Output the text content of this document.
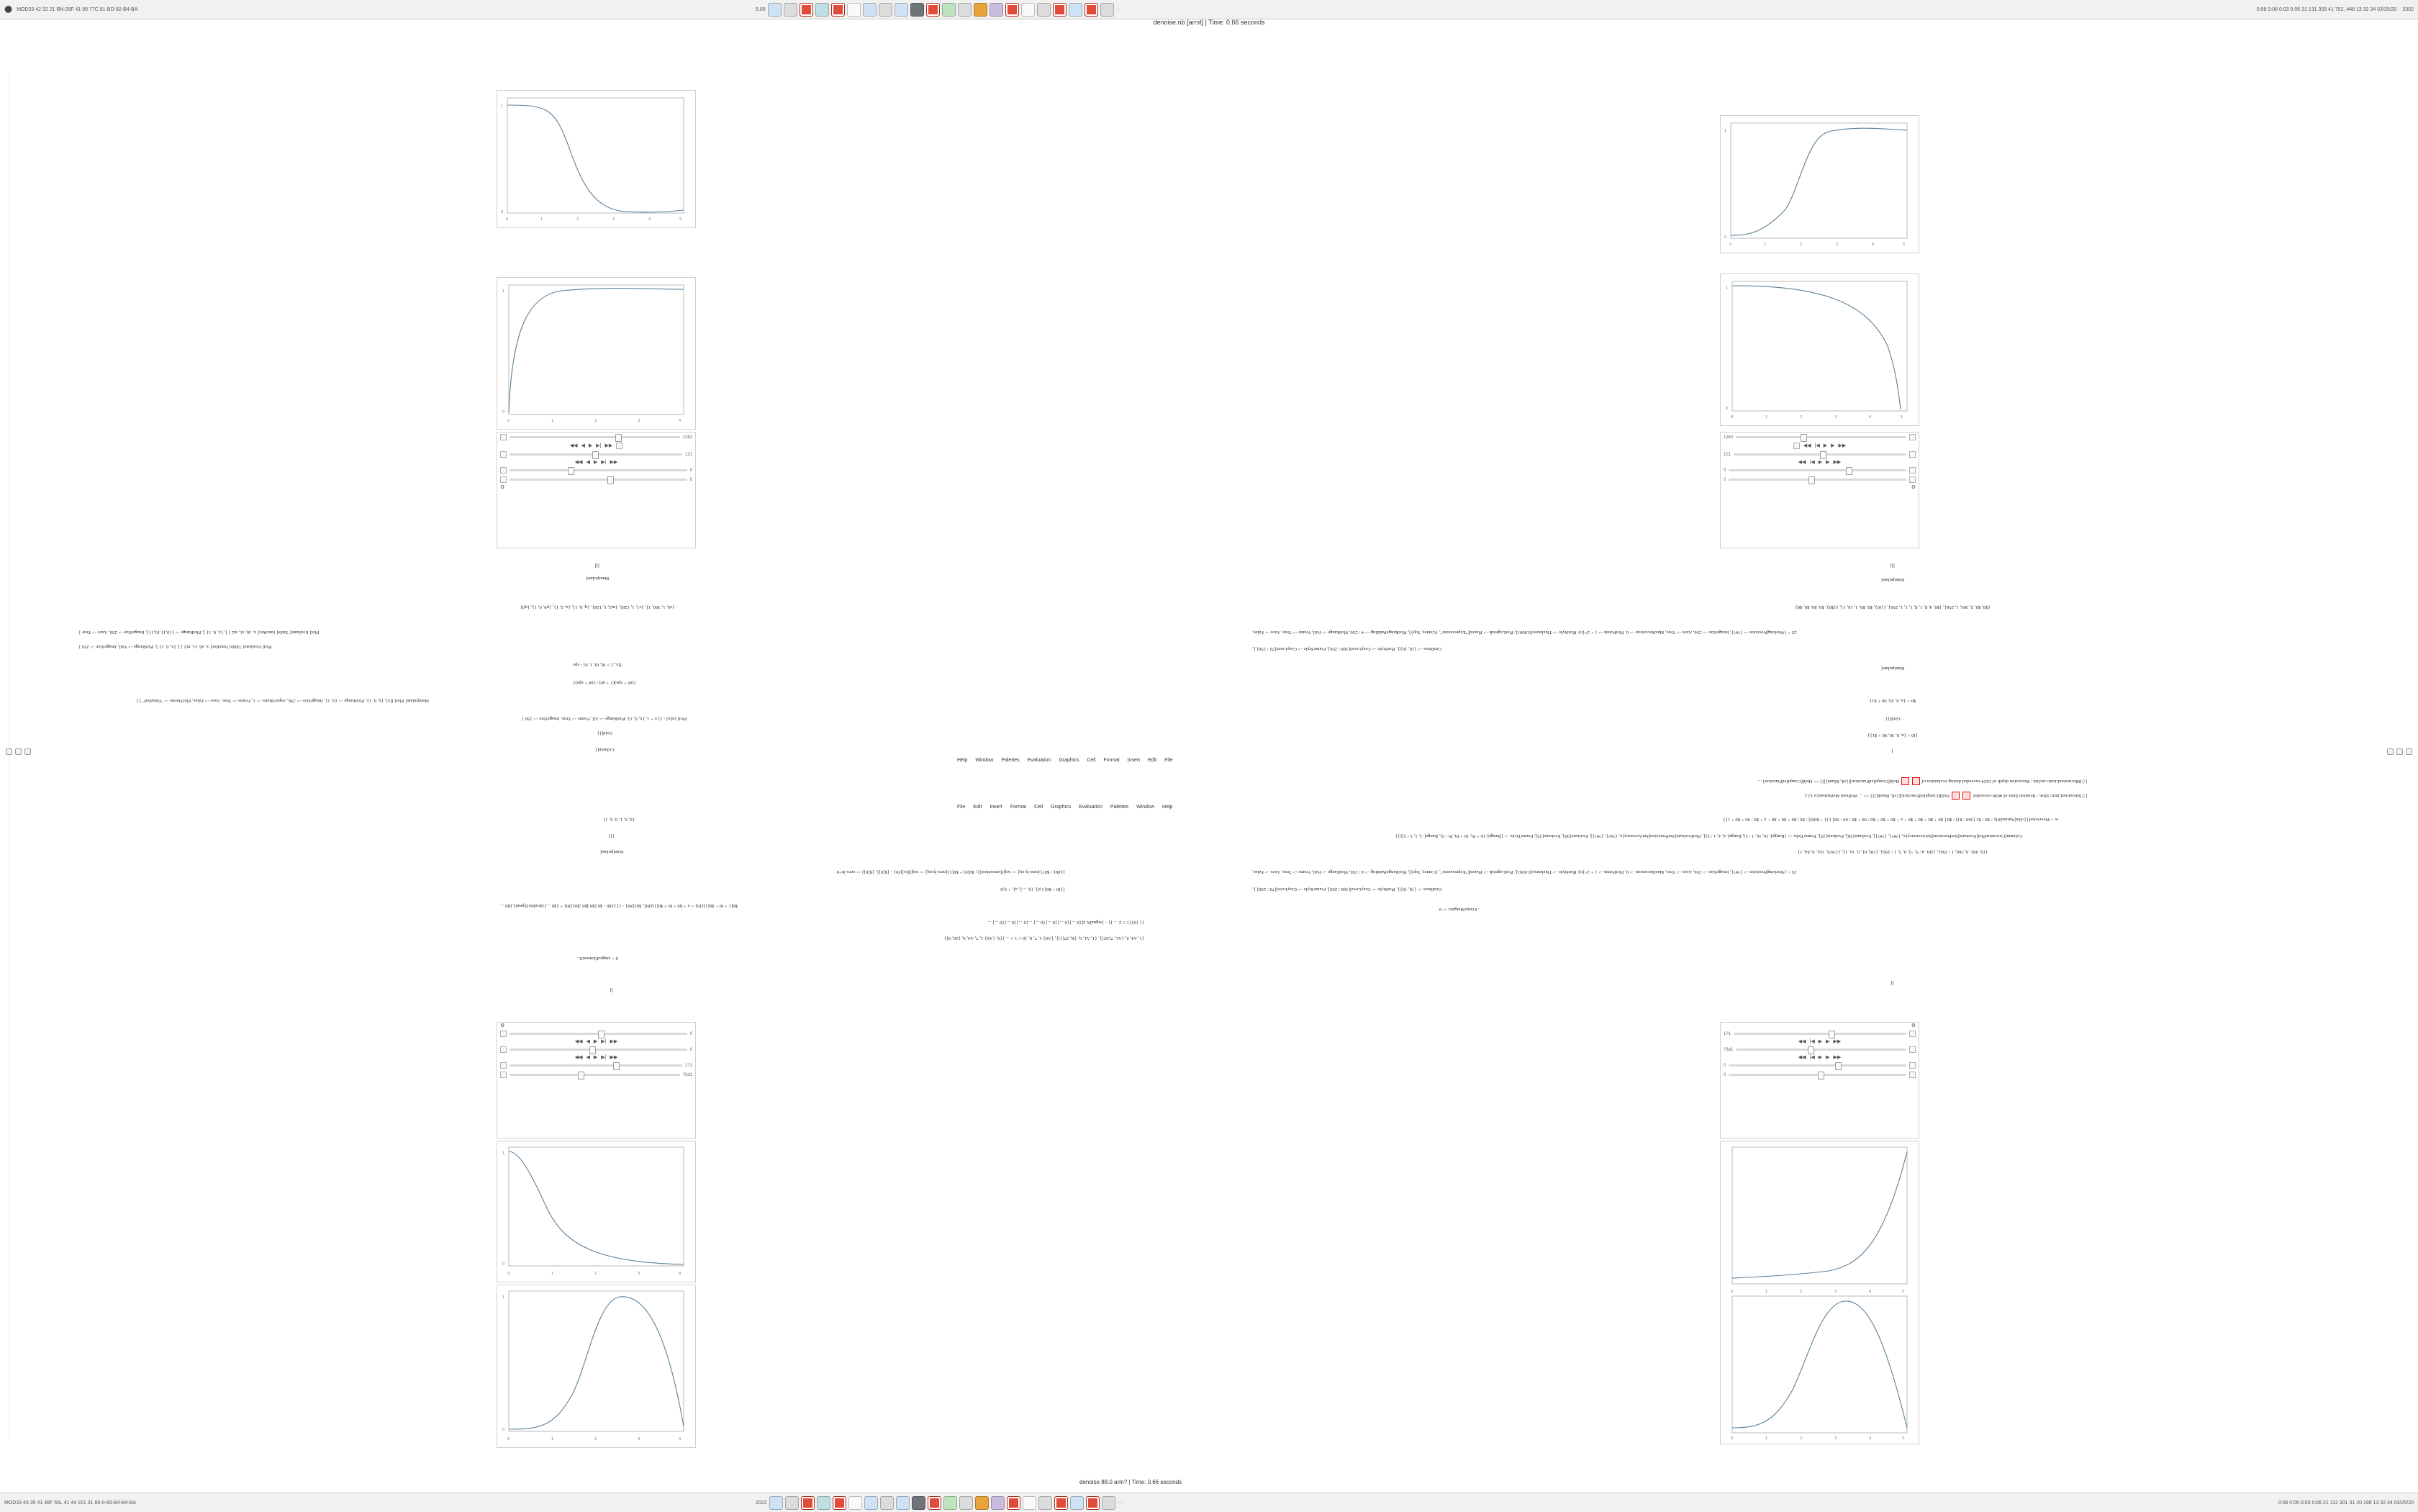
⚫ MOD33 42 32 21 BN-28F 41 90 77C 81-BD-82-B4-BA	5,00	···	0:08 0:06 0:03 0:06 31 131 309 41 702, 448 13 32 34 03/25/20 3302
denoise.nb [arrst] | Time: 0.66 seconds
0	1	2	3	4	5
1
0
0	1	2	3	4
1
0
1262
◀◀ ◀ ▶ ▶| ▶▶
121
◀◀ ◀ ▶ ▶| ▶▶
0
0
⚙
0	1	2	3	4	5
1
0
0	1	2	3	4	5
1
0
1262
◀◀ |◀ ▶ ▶ ▶▶
121
◀◀ |◀ ▶ ▶ ▶▶
0
0
⚙
]]]
Manipulate[
{s0, 1, 300, 1}, {s1, 1, 128}, {m2, 1, 128}, {q, 0, 1}, {a, 0, 1}, {p0, 0, 1}, {q0}
Plot[ Evaluate[ Table[ funcRec[ x, s0, s1, m2 ] ], {x, 0, 1} ], PlotRange -> {{0,1},{0,1}}, ImageSize -> 256, Axes -> True ]
Plot[ Evaluate[ Table[ funcRec[ x, s0, s1, m2 ] ], {x, 0, 1} ], PlotRange -> Full, ImageSize -> 256 ]
f[x_] := f0, t0, 1, 0] - eps
{(s0 + eps)(1 + u0) / (u0 + eps)}
Manipulate[ Plot[ f[x], {x, 0, 1}, PlotRange -> {0, 1}, ImageSize -> 256, AspectRatio -> 1, Frame -> True, Axes -> False, PlotTheme -> "Detailed" ] ]
Plot[ (n[x] - 1) x + 1, {x, 0, 1}, PlotRange -> All, Frame -> True, ImageSize -> 256 ]
Grid[{{
Column[{
Help Window Palettes Evaluation Graphics Cell Format Insert Edit File
[:] $RecursionLimit::reclim : Recursion depth of 1024 exceeded during evaluation of   Hold[CompiledFunction][{x$, Blank[]}] >> Hold[CompiledFunction] ...
[:] $IterationLimit::itlim : Iteration limit of 4096 exceeded.   Hold[CompiledFunction][{x$, Blank[]}] >> ... Wolfram Mathematica 12.2
File Edit Insert Format Cell Graphics Evaluation Palettes Window Help
{0, 0, 1, 0, 0, 1}
}}]
Manipulate[
{{d0} : $0?}{new.ly.eq} := wq[f[smoothed]] ; $0[0] + $0[1]{new.ly.eq} := wq[f[lo]{f0} - {$[0]}, {$[0]} := zero.lb+0
{{f0 + $0{1,0}, {0, ...}, a}, + 0,0
$0[1 + f0 + $0[1]{f0} + x + $0 + f0 + $0[1]{f0}, $0[{#0} - 1] {{$0 - $0 [$0 ]$0 ,$0}{f0} + {$0 ...}{double.f[peak].}$0 ...
{{ {0}{1 // 2 ... }} - }signalX 2[{0 ...}{0 ...}{0 ...}{0 ...} ...{0 ...}{0 ...}{0 ...} ...
{1, A4, 0, {A1, 7[AT]}, {1, A1, 0, {B, 27[1]}, {A0} 1, 7, 0, {0 // 1 // ... }{0, {A0} 1, 7, A4, 0, {20, 0}}
0 = smgraElementX .
]]
]]]
Manipulate[
{$0, $0, 2, 300, 1, 256}, {$0, 4, $, 1, $, 1, 1, 1, 256}, {{f0}, $0, $0, 1, 16, 1}, {{$0}, $0, $0, $0, $0}
25 = {WorkingPrecision -> {?#?}, ImageSize -> 256, Axes -> True, MaxRecursion -> 0, PlotPoints -> 1 + 2^{n} PlotStyle -> Thickness[0.0001], PlotLegends -> Placed["Expressions", {Center, Top}], PlotRangePadding -> 4 / 256, PlotRange -> Full, Frame -> True, Axes -> False,
Gridlines -> {{0, {0}}, PlotStyle -> GrayLevel[168 / 256], FrameStyle -> GrayLevel[70 / 256] },
Manipulate[
$0 = {a, 0, 30, 90 + $1}
Grid[{{
{f0 + {a, 0, 30, 90 + $1}}
]
w = Piecewise[{{Abs[NaturalFly / $0 / $1 [360 / $1] / $0 [ $0 + $0 + $0 + $0 + x + $0 + $0 + $0 / 90 + $0 / 90 - 99] {1} + $0[0] / $0 | $0 + $0 + $0 + x + $0 / 90 + $0 + 1}}
Column[CurvaturePlot[Evaluate[SetPrecision[SetAccuracy[x, {?#?}, {?#?}], Evaluate[30], Evaluate[25], FrameTicks -> {Range[-16, 16, 1 / 2], Range[-4, 4, 1 / 2]}, PlotEvaluate[SetPrecision[SetAccuracy[x, {?#?}, {?#?}], Evaluate[30], Evaluate[25], FrameTicks -> {Range[-16 + Pi, 16 + Pi, Pi / 2], Range[-1, 1, 1 / 2]}}]
{{0, 90}, 0, 360, 1 / 256}, {{f0, 4 / 5, ^}, 0, 5, 1 / 256}, {{f0, 0}, 0, 16, 1}, {{?#?}, 16}, 0, 64, 1}
25 = {WorkingPrecision -> {?#?}, ImageSize -> 256, Axes -> True, MaxRecursion -> 0, PlotPoints -> 1 + 2^{n} PlotStyle -> Thickness[0.0001], PlotLegends -> Placed["Expressions", {Center, Top}], PlotRangePadding -> 4 / 256, PlotRange -> Full, Frame -> True, Axes -> False,
Gridlines -> {{0, {0}}, PlotStyle -> GrayLevel[168 / 256], FrameStyle -> GrayLevel[70 / 256] },
. FrameMargins -> 0
]]
⚙
0
◀◀ ◀ ▶ ▶| ▶▶
0
◀◀ ◀ ▶ ▶| ▶▶
1?1
?3d1
0	1	2	3	4
1
0
0	1	2	3	4
1
0
⚙
1?1
◀◀ |◀ ▶ ▶ ▶▶
?3d1
◀◀ |◀ ▶ ▶ ▶▶
0
0
0	1	2	3	4	5
0	1	2	3	4	5
MOD33 45 35 41 48F 55L 41 44 221 31 86-0-83-B4-B4-BA	2022	···	0:08 0:06 0:03 0:06 21 112 301 31 20 198 13 32 34 03/25/20
denoise 88.0 arm? | Time: 0.66 seconds
